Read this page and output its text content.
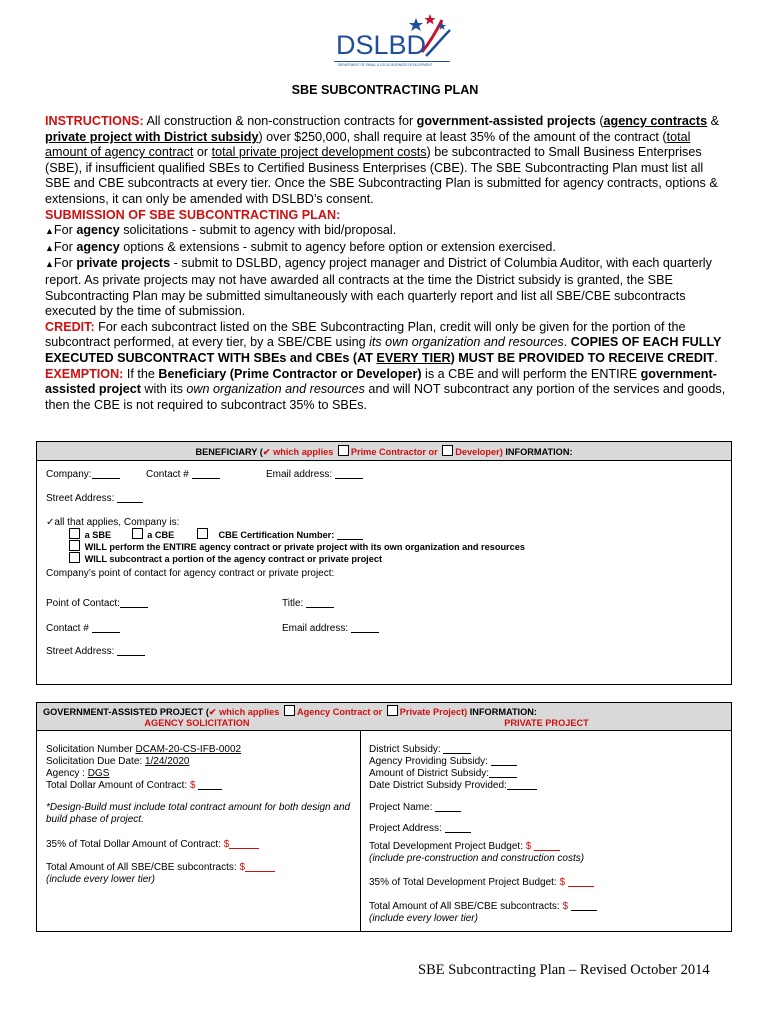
DSLBD
DEPARTMENT OF SMALL & LOCAL BUSINESS DEVELOPMENT
SBE SUBCONTRACTING PLAN

INSTRUCTIONS: All construction & non-construction contracts for government-assisted projects (agency contracts & private project with District subsidy) over $250,000, shall require at least 35% of the amount of the contract (total amount of agency contract or total private project development costs) be subcontracted to Small Business Enterprises (SBE), if insufficient qualified SBEs to Certified Business Enterprises (CBE). The SBE Subcontracting Plan must list all SBE and CBE subcontracts at every tier. Once the SBE Subcontracting Plan is submitted for agency contracts, options & extensions, it can only be amended with DSLBD’s consent.

SUBMISSION OF SBE SUBCONTRACTING PLAN:

▲For agency solicitations - submit to agency with bid/proposal.

▲For agency options & extensions - submit to agency before option or extension exercised.

▲For private projects - submit to DSLBD, agency project manager and District of Columbia Auditor, with each quarterly report. As private projects may not have awarded all contracts at the time the District subsidy is granted, the SBE Subcontracting Plan may be submitted simultaneously with each quarterly report and list all SBE/CBE subcontracts executed by the time of submission.

CREDIT: For each subcontract listed on the SBE Subcontracting Plan, credit will only be given for the portion of the subcontract performed, at every tier, by a SBE/CBE using its own organization and resources. COPIES OF EACH FULLY EXECUTED SUBCONTRACT WITH SBEs and CBEs (AT EVERY TIER) MUST BE PROVIDED TO RECEIVE CREDIT.

EXEMPTION: If the Beneficiary (Prime Contractor or Developer) is a CBE and will perform the ENTIRE government-assisted project with its own organization and resources and will NOT subcontract any portion of the services and goods, then the CBE is not required to subcontract 35% to SBEs.

BENEFICIARY (✔ which applies Prime Contractor or Developer) INFORMATION:
Company:	Contact #	Email address:
Street Address:
✓all that applies, Company is:
a SBE	a CBE	CBE Certification Number:
WILL perform the ENTIRE agency contract or private project with its own organization and resources
WILL subcontract a portion of the agency contract or private project
Company’s point of contact for agency contract or private project:
Point of Contact:	Title:
Contact #	Email address:
Street Address:
GOVERNMENT-ASSISTED PROJECT (✔ which applies Agency Contract or Private Project) INFORMATION:
AGENCY SOLICITATION	PRIVATE PROJECT
Solicitation Number DCAM-20-CS-IFB-0002
Solicitation Due Date: 1/24/2020
Agency : DGS
Total Dollar Amount of Contract: $
*Design-Build must include total contract amount for both design and build phase of project.
35% of Total Dollar Amount of Contract: $
Total Amount of All SBE/CBE subcontracts: $
(include every lower tier)
District Subsidy:
Agency Providing Subsidy:
Amount of District Subsidy:
Date District Subsidy Provided:
Project Name:
Project Address:
Total Development Project Budget: $
(include pre-construction and construction costs)
35% of Total Development Project Budget: $
Total Amount of All SBE/CBE subcontracts: $
(include every lower tier)
SBE Subcontracting Plan – Revised October 2014
